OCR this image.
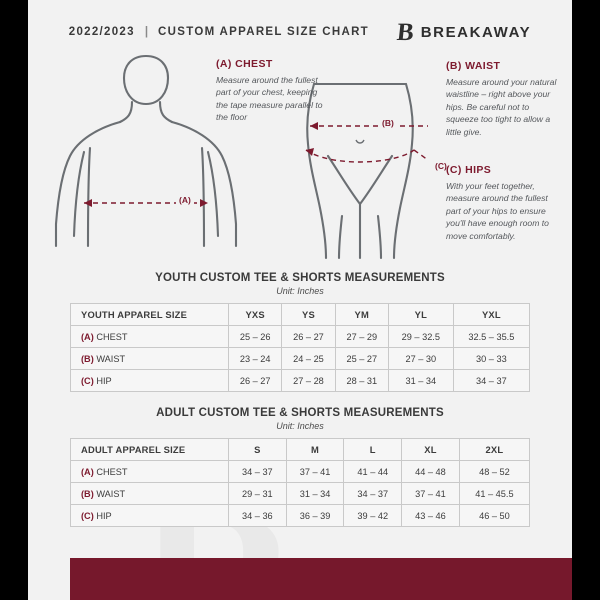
2022/2023 | CUSTOM APPAREL SIZE CHART B BREAKAWAY
(A)
(B)
(C)
(A) CHEST
Measure around the fullest part of your chest, keeping the tape measure parallel to the floor
(B) WAIST
Measure around your natural waistline – right above your hips. Be careful not to squeeze too tight to allow a little give.
(C) HIPS
With your feet together, measure around the fullest part of your hips to ensure you'll have enough room to move comfortably.
YOUTH CUSTOM TEE & SHORTS MEASUREMENTS
Unit: Inches
YOUTH APPAREL SIZE	YXS	YS	YM	YL	YXL
(A) CHEST	25 – 26	26 – 27	27 – 29	29 – 32.5	32.5 – 35.5
(B) WAIST	23 – 24	24 – 25	25 – 27	27 – 30	30 – 33
(C) HIP	26 – 27	27 – 28	28 – 31	31 – 34	34 – 37
ADULT CUSTOM TEE & SHORTS MEASUREMENTS
Unit: Inches
ADULT APPAREL SIZE	S	M	L	XL	2XL
(A) CHEST	34 – 37	37 – 41	41 – 44	44 – 48	48 – 52
(B) WAIST	29 – 31	31 – 34	34 – 37	37 – 41	41 – 45.5
(C) HIP	34 – 36	36 – 39	39 – 42	43 – 46	46 – 50
